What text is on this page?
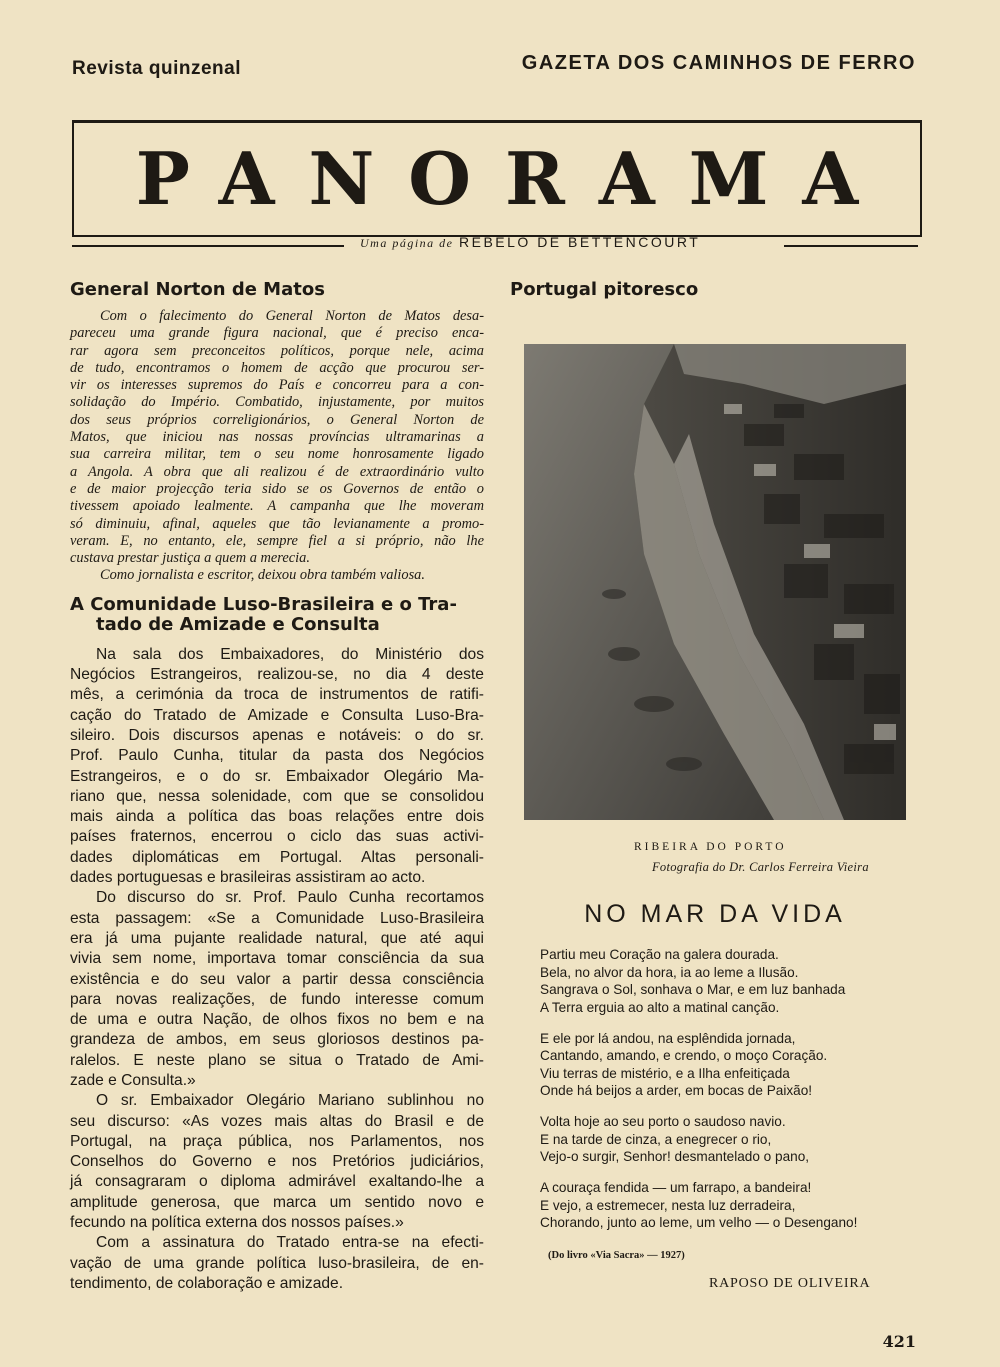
Revista quinzenal	GAZETA DOS CAMINHOS DE FERRO
PANORAMA
Uma página de REBELO DE BETTENCOURT
General Norton de Matos
Com o falecimento do General Norton de Matos desa-
pareceu uma grande figura nacional, que é preciso enca-
rar agora sem preconceitos políticos, porque nele, acima
de tudo, encontramos o homem de acção que procurou ser-
vir os interesses supremos do País e concorreu para a con-
solidação do Império. Combatido, injustamente, por muitos
dos seus próprios correligionários, o General Norton de
Matos, que iniciou nas nossas províncias ultramarinas a
sua carreira militar, tem o seu nome honrosamente ligado
a Angola. A obra que ali realizou é de extraordinário vulto
e de maior projecção teria sido se os Governos de então o
tivessem apoiado lealmente. A campanha que lhe moveram
só diminuiu, afinal, aqueles que tão levianamente a promo-
veram. E, no entanto, ele, sempre fiel a si próprio, não lhe
custava prestar justiça a quem a merecia.

Como jornalista e escritor, deixou obra também valiosa.

A Comunidade Luso-Brasileira e o Tra-
tado de Amizade e Consulta
Na sala dos Embaixadores, do Ministério dos
Negócios Estrangeiros, realizou-se, no dia 4 deste
mês, a cerimónia da troca de instrumentos de ratifi-
cação do Tratado de Amizade e Consulta Luso-Bra-
sileiro. Dois discursos apenas e notáveis: o do sr.
Prof. Paulo Cunha, titular da pasta dos Negócios
Estrangeiros, e o do sr. Embaixador Olegário Ma-
riano que, nessa solenidade, com que se consolidou
mais ainda a política das boas relações entre dois
países fraternos, encerrou o ciclo das suas activi-
dades diplomáticas em Portugal. Altas personali-
dades portuguesas e brasileiras assistiram ao acto.
Do discurso do sr. Prof. Paulo Cunha recortamos
esta passagem: «Se a Comunidade Luso-Brasileira
era já uma pujante realidade natural, que até aqui
vivia sem nome, importava tomar consciência da sua
existência e do seu valor a partir dessa consciência
para novas realizações, de fundo interesse comum
de uma e outra Nação, de olhos fixos no bem e na
grandeza de ambos, em seus gloriosos destinos pa-
ralelos. E neste plano se situa o Tratado de Ami-
zade e Consulta.»
O sr. Embaixador Olegário Mariano sublinhou no
seu discurso: «As vozes mais altas do Brasil e de
Portugal, na praça pública, nos Parlamentos, nos
Conselhos do Governo e nos Pretórios judiciários,
já consagraram o diploma admirável exaltando-lhe a
amplitude generosa, que marca um sentido novo e
fecundo na política externa dos nossos países.»
Com a assinatura do Tratado entra-se na efecti-
vação de uma grande política luso-brasileira, de en-
tendimento, de colaboração e amizade.
Portugal pitoresco
RIBEIRA DO PORTO
Fotografia do Dr. Carlos Ferreira Vieira
NO MAR DA VIDA
Partiu meu Coração na galera dourada.
Bela, no alvor da hora, ia ao leme a Ilusão.
Sangrava o Sol, sonhava o Mar, e em luz banhada
A Terra erguia ao alto a matinal canção.
E ele por lá andou, na esplêndida jornada,
Cantando, amando, e crendo, o moço Coração.
Viu terras de mistério, e a Ilha enfeitiçada
Onde há beijos a arder, em bocas de Paixão!
Volta hoje ao seu porto o saudoso navio.
E na tarde de cinza, a enegrecer o rio,
Vejo-o surgir, Senhor! desmantelado o pano,
A couraça fendida — um farrapo, a bandeira!
E vejo, a estremecer, nesta luz derradeira,
Chorando, junto ao leme, um velho — o Desengano!
(Do livro «Via Sacra» — 1927)
RAPOSO DE OLIVEIRA
421
